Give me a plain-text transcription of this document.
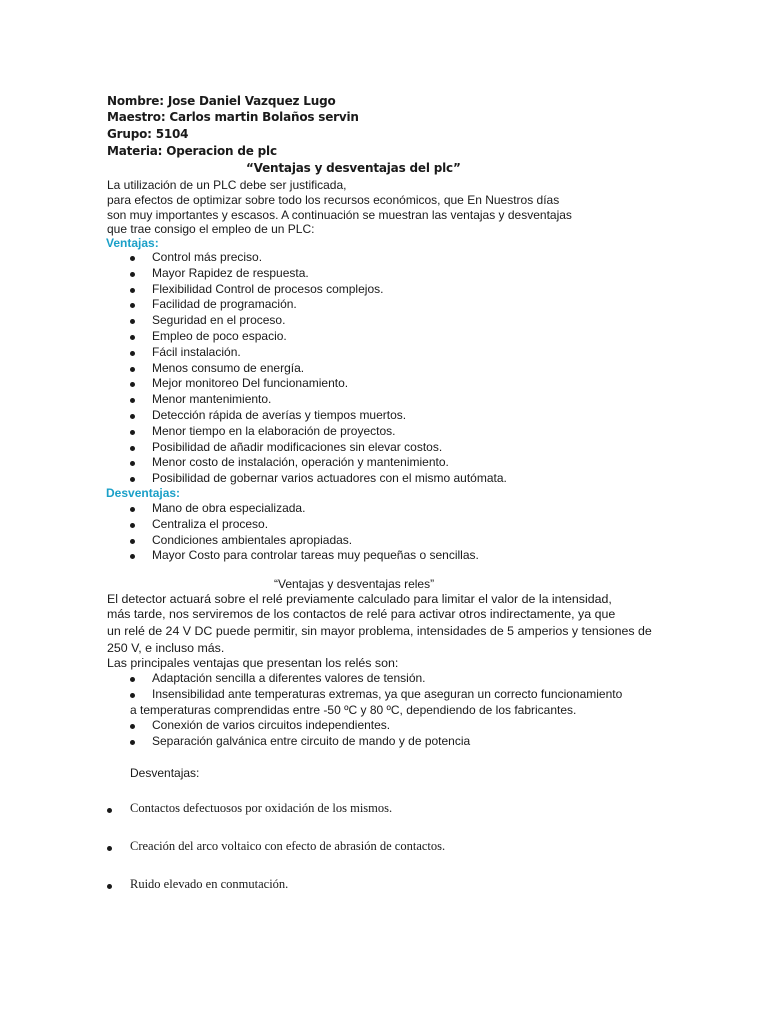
Nombre: Jose Daniel Vazquez Lugo
Maestro: Carlos martin Bolaños servin
Grupo: 5104
Materia: Operacion de plc
“Ventajas y desventajas del plc”
La utilización de un PLC debe ser justificada,
para efectos de optimizar sobre todo los recursos económicos, que En Nuestros días
son muy importantes y escasos. A continuación se muestran las ventajas y desventajas
que trae consigo el empleo de un PLC:
Ventajas:
Control más preciso.
Mayor Rapidez de respuesta.
Flexibilidad Control de procesos complejos.
Facilidad de programación.
Seguridad en el proceso.
Empleo de poco espacio.
Fácil instalación.
Menos consumo de energía.
Mejor monitoreo Del funcionamiento.
Menor mantenimiento.
Detección rápida de averías y tiempos muertos.
Menor tiempo en la elaboración de proyectos.
Posibilidad de añadir modificaciones sin elevar costos.
Menor costo de instalación, operación y mantenimiento.
Posibilidad de gobernar varios actuadores con el mismo autómata.
Desventajas:
Mano de obra especializada.
Centraliza el proceso.
Condiciones ambientales apropiadas.
Mayor Costo para controlar tareas muy pequeñas o sencillas.
“Ventajas y desventajas reles”
El detector actuará sobre el relé previamente calculado para limitar el valor de la intensidad,
más tarde, nos serviremos de los contactos de relé para activar otros indirectamente, ya que
un relé de 24 V DC puede permitir, sin mayor problema, intensidades de 5 amperios y tensiones de
250 V, e incluso más.
Las principales ventajas que presentan los relés son:
Adaptación sencilla a diferentes valores de tensión.
Insensibilidad ante temperaturas extremas, ya que aseguran un correcto funcionamiento
a temperaturas comprendidas entre -50 ºC y 80 ºC, dependiendo de los fabricantes.
Conexión de varios circuitos independientes.
Separación galvánica entre circuito de mando y de potencia
Desventajas:
Contactos defectuosos por oxidación de los mismos.
Creación del arco voltaico con efecto de abrasión de contactos.
Ruido elevado en conmutación.
